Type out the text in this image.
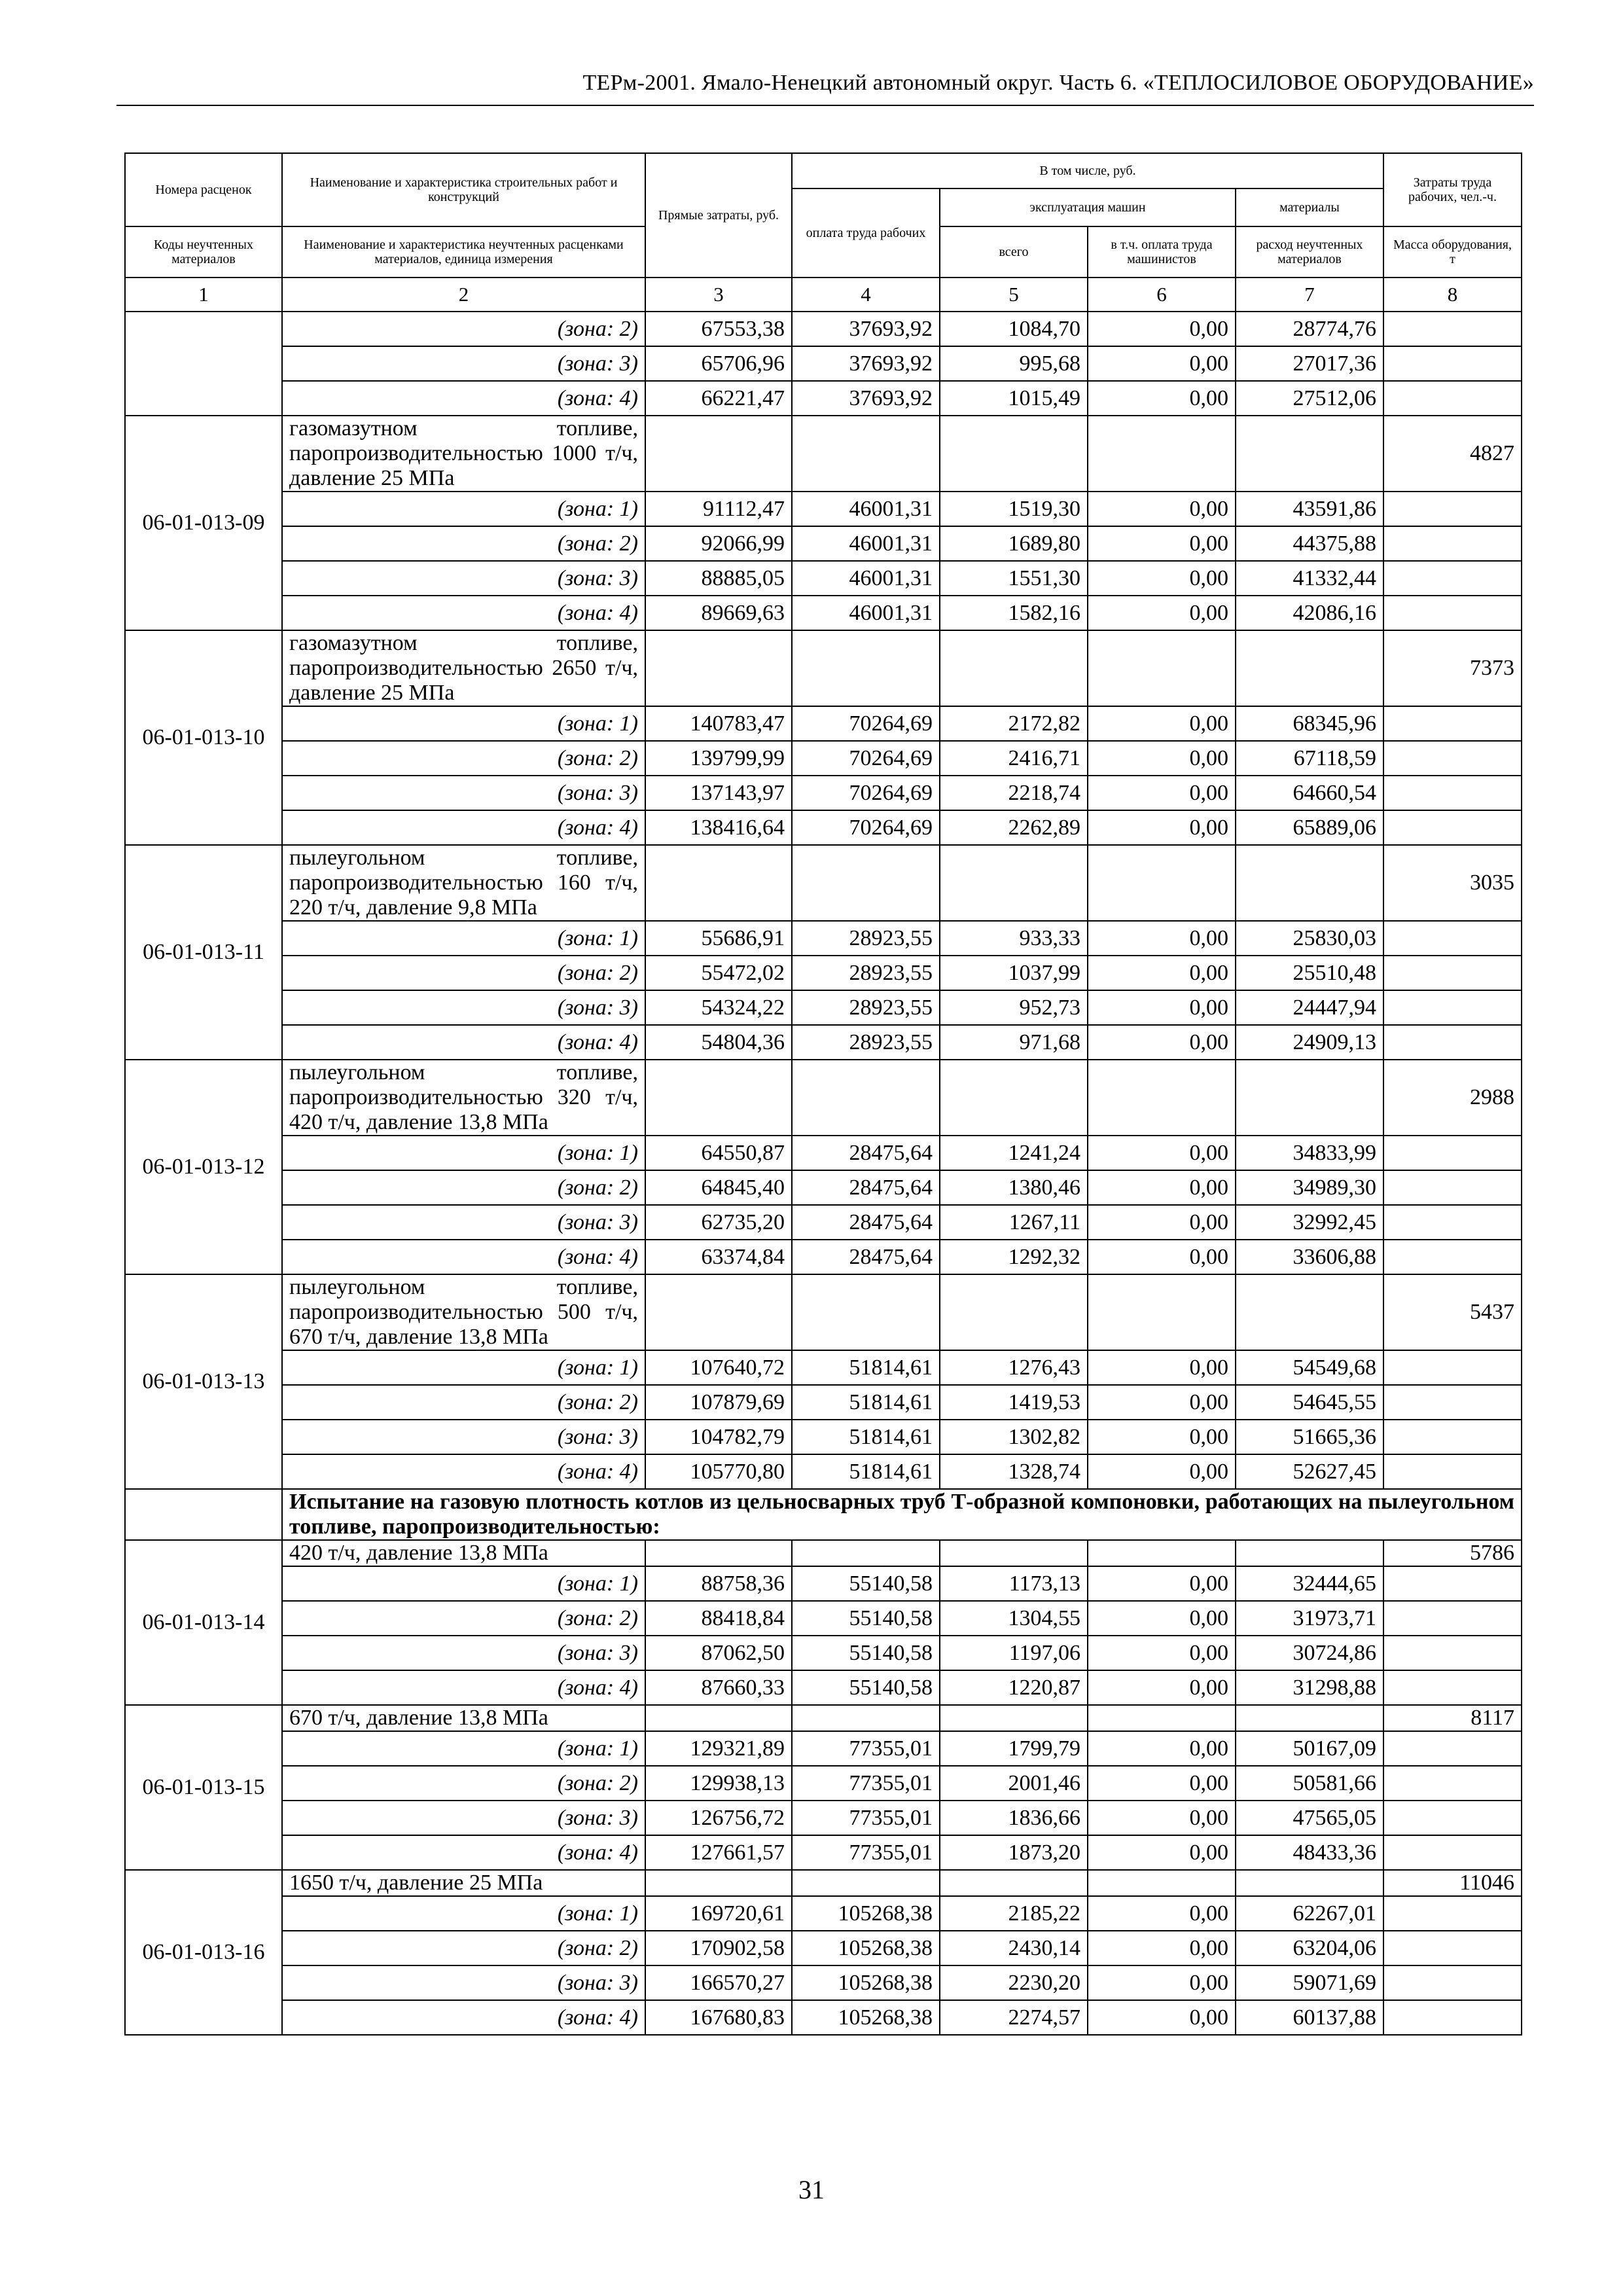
ТЕРм-2001. Ямало-Ненецкий автономный округ. Часть 6. «ТЕПЛОСИЛОВОЕ ОБОРУДОВАНИЕ»
Номера расценок	Наименование и характеристика строительных работ и конструкций	Прямые затраты, руб.	В том числе, руб.				Затраты труда рабочих, чел.-ч.
			оплата труда рабочих	эксплуатация машин		материалы	
Коды неучтенных материалов	Наименование и характеристика неучтенных расценками материалов, единица измерения			всего	в т.ч. оплата труда машинистов	расход неучтенных материалов	Масса оборудования, т
1	2	3	4	5	6	7	8
	(зона: 2)	67553,38	37693,92	1084,70	0,00	28774,76	
	(зона: 3)	65706,96	37693,92	995,68	0,00	27017,36	
	(зона: 4)	66221,47	37693,92	1015,49	0,00	27512,06	
06-01-013-09	газомазутном топливе, паропроизводительностью 1000 т/ч, давление 25 МПа						4827
	(зона: 1)	91112,47	46001,31	1519,30	0,00	43591,86	
	(зона: 2)	92066,99	46001,31	1689,80	0,00	44375,88	
	(зона: 3)	88885,05	46001,31	1551,30	0,00	41332,44	
	(зона: 4)	89669,63	46001,31	1582,16	0,00	42086,16	
06-01-013-10	газомазутном топливе, паропроизводительностью 2650 т/ч, давление 25 МПа						7373
	(зона: 1)	140783,47	70264,69	2172,82	0,00	68345,96	
	(зона: 2)	139799,99	70264,69	2416,71	0,00	67118,59	
	(зона: 3)	137143,97	70264,69	2218,74	0,00	64660,54	
	(зона: 4)	138416,64	70264,69	2262,89	0,00	65889,06	
06-01-013-11	пылеугольном топливе, паропроизводительностью 160 т/ч, 220 т/ч, давление 9,8 МПа						3035
	(зона: 1)	55686,91	28923,55	933,33	0,00	25830,03	
	(зона: 2)	55472,02	28923,55	1037,99	0,00	25510,48	
	(зона: 3)	54324,22	28923,55	952,73	0,00	24447,94	
	(зона: 4)	54804,36	28923,55	971,68	0,00	24909,13	
06-01-013-12	пылеугольном топливе, паропроизводительностью 320 т/ч, 420 т/ч, давление 13,8 МПа						2988
	(зона: 1)	64550,87	28475,64	1241,24	0,00	34833,99	
	(зона: 2)	64845,40	28475,64	1380,46	0,00	34989,30	
	(зона: 3)	62735,20	28475,64	1267,11	0,00	32992,45	
	(зона: 4)	63374,84	28475,64	1292,32	0,00	33606,88	
06-01-013-13	пылеугольном топливе, паропроизводительностью 500 т/ч, 670 т/ч, давление 13,8 МПа						5437
	(зона: 1)	107640,72	51814,61	1276,43	0,00	54549,68	
	(зона: 2)	107879,69	51814,61	1419,53	0,00	54645,55	
	(зона: 3)	104782,79	51814,61	1302,82	0,00	51665,36	
	(зона: 4)	105770,80	51814,61	1328,74	0,00	52627,45	
	Испытание на газовую плотность котлов из цельносварных труб Т-образной компоновки, работающих на пылеугольном топливе, паропроизводительностью:						
06-01-013-14	420 т/ч, давление 13,8 МПа						5786
	(зона: 1)	88758,36	55140,58	1173,13	0,00	32444,65	
	(зона: 2)	88418,84	55140,58	1304,55	0,00	31973,71	
	(зона: 3)	87062,50	55140,58	1197,06	0,00	30724,86	
	(зона: 4)	87660,33	55140,58	1220,87	0,00	31298,88	
06-01-013-15	670 т/ч, давление 13,8 МПа						8117
	(зона: 1)	129321,89	77355,01	1799,79	0,00	50167,09	
	(зона: 2)	129938,13	77355,01	2001,46	0,00	50581,66	
	(зона: 3)	126756,72	77355,01	1836,66	0,00	47565,05	
	(зона: 4)	127661,57	77355,01	1873,20	0,00	48433,36	
06-01-013-16	1650 т/ч, давление 25 МПа						11046
	(зона: 1)	169720,61	105268,38	2185,22	0,00	62267,01	
	(зона: 2)	170902,58	105268,38	2430,14	0,00	63204,06	
	(зона: 3)	166570,27	105268,38	2230,20	0,00	59071,69	
	(зона: 4)	167680,83	105268,38	2274,57	0,00	60137,88	
31
